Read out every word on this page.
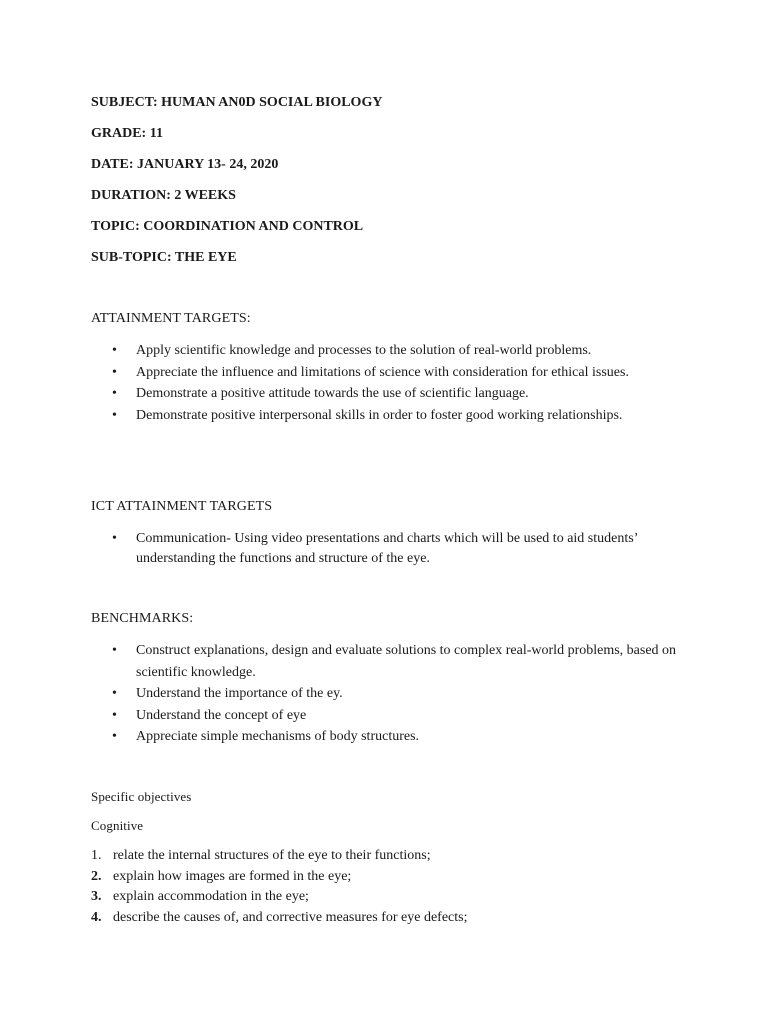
SUBJECT: HUMAN AN0D SOCIAL BIOLOGY
GRADE: 11
DATE: JANUARY 13- 24, 2020
DURATION: 2 WEEKS
TOPIC: COORDINATION AND CONTROL
SUB-TOPIC: THE EYE
ATTAINMENT TARGETS:
•	Apply scientific knowledge and processes to the solution of real-world problems.
•	Appreciate the influence and limitations of science with consideration for ethical issues.
•	Demonstrate a positive attitude towards the use of scientific language.
•	Demonstrate positive interpersonal skills in order to foster good working relationships.
ICT ATTAINMENT TARGETS
•	Communication- Using video presentations and charts which will be used to aid students’ understanding the functions and structure of the eye.
BENCHMARKS:
•	Construct explanations, design and evaluate solutions to complex real-world problems, based on scientific knowledge.
•	Understand the importance of the ey.
•	Understand the concept of eye
•	Appreciate simple mechanisms of body structures.
Specific objectives
Cognitive
1. relate the internal structures of the eye to their functions;
2. explain how images are formed in the eye;
3. explain accommodation in the eye;
4. describe the causes of, and corrective measures for eye defects;
